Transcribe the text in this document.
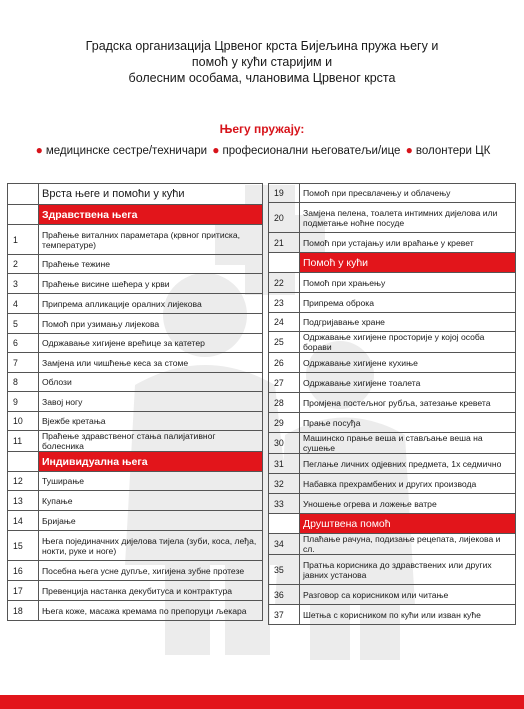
Градска организација Црвеног крста Бијељина пружа његу и
помоћ у кући старијим и
болесним особама, члановима Црвеног крста
Његу пружају:
● медицинске сестре/техничари ● професионални његоватељи/ице ● волонтери ЦК
	Врста његе и помоћи у кући
	Здравствена њега
1	Праћење виталних параметара (крвног притиска, температуре)
2	Праћење тежине
3	Праћење висине шећера у крви
4	Припрема апликације оралних лијекова
5	Помоћ при узимању лијекова
6	Одржавање хигијене врећице за катетер
7	Замјена или чишћење кеса за стоме
8	Облози
9	Завој ногу
10	Вјежбе кретања
11	Праћење здравственог стања палијативног болесника
	Индивидуална њега
12	Туширање
13	Купање
14	Бријање
15	Њега појединачних дијелова тијела (зуби, коса, леђа, нокти, руке и ноге)
16	Посебна њега усне дупље, хигијена зубне протезе
17	Превенција настанка декубитуса и контрактура
18	Њега коже, масажа кремама по препоруци љекара
19	Помоћ при пресвлачењу и облачењу
20	Замјена пелена, тоалета интимних дијелова или подметање ноћне посуде
21	Помоћ при устајању или враћање у кревет
	Помоћ у кући
22	Помоћ при храњењу
23	Припрема оброка
24	Подгријавање хране
25	Одржавање хигијене просторије у којој особа борави
26	Одржавање хигијене кухиње
27	Одржавање хигијене тоалета
28	Промјена постељног рубља, затезање кревета
29	Прање посуђа
30	Машинско прање веша и стављање веша на сушење
31	Пеглање личних одјевних предмета, 1х седмично
32	Набавка прехрамбених и других производа
33	Уношење огрева и ложење ватре
	Друштвена помоћ
34	Плаћање рачуна, подизање рецепата, лијекова и сл.
35	Пратња корисника до здравствених или других јавних установа
36	Разговор са корисником или читање
37	Шетња с корисником по кући или изван куће
